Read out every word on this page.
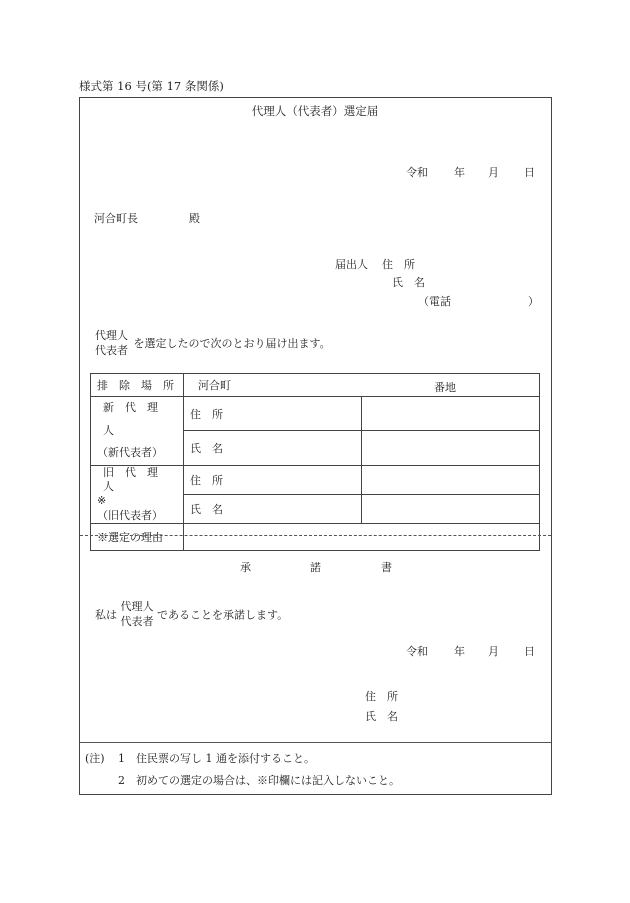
様式第 16 号(第 17 条関係)
代理人（代表者）選定届
令和 年 月 日
河合町長	殿
届出人 住　所
氏　名
（電話	）
代理人
代表者 を選定したので次のとおり届け出ます。
排　除　場　所	河合町 番地	

新　代　理　人
（新代表者）	住　所	
	氏　名	

旧　代　理　人
※
（旧代表者）	住　所	
	氏　名	
※選定の理由		
承	諾	書
私は 代理人
代表者 であることを承諾します。
令和 年 月 日
住　所
氏　名
(注) 1 住民票の写し 1 通を添付すること。
2 初めての選定の場合は、※印欄には記入しないこと。
